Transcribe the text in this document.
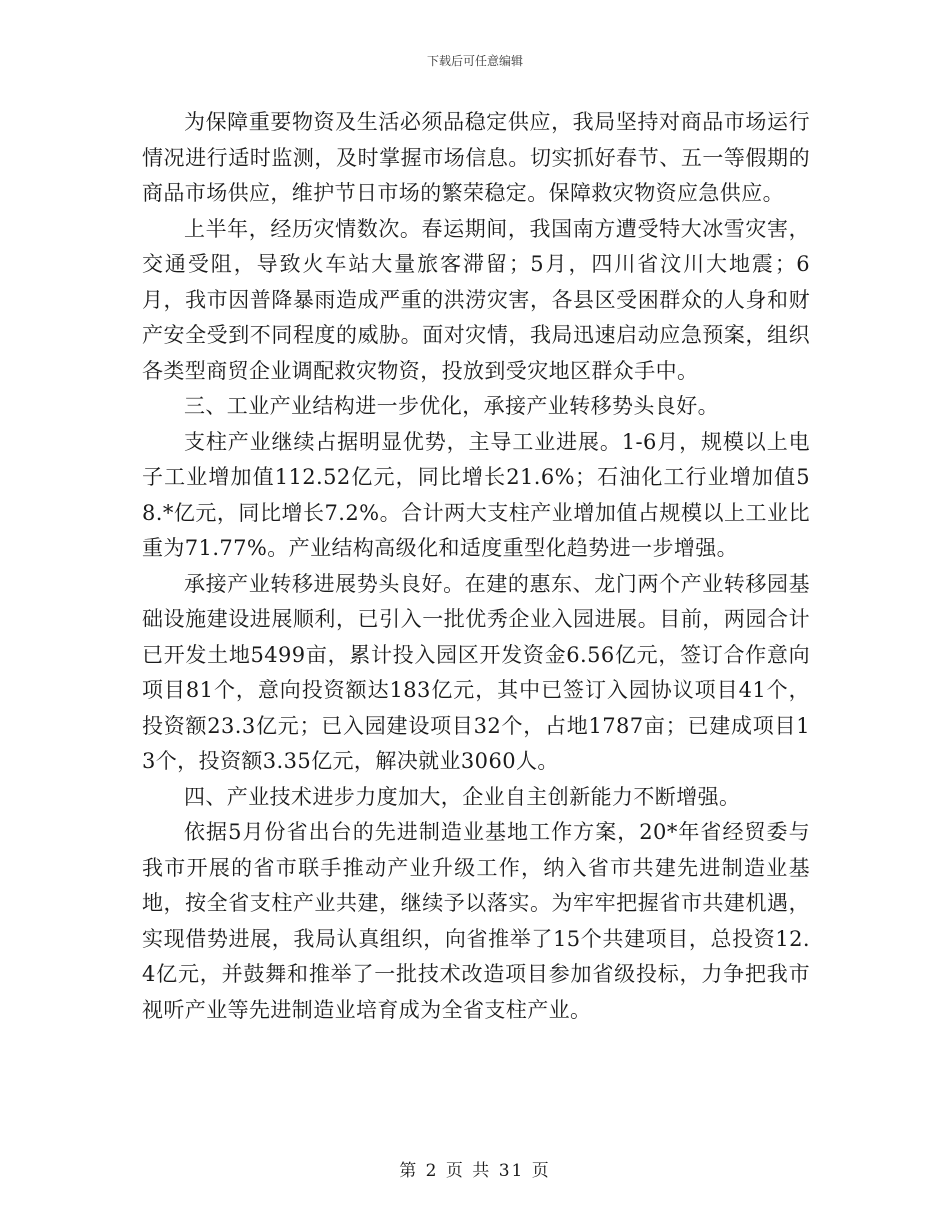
下载后可任意编辑

为保障重要物资及生活必须品稳定供应，我局坚持对商品市场运行情况进行适时监测，及时掌握市场信息。切实抓好春节、五一等假期的商品市场供应，维护节日市场的繁荣稳定。保障救灾物资应急供应。

上半年，经历灾情数次。春运期间，我国南方遭受特大冰雪灾害，交通受阻，导致火车站大量旅客滞留；5月，四川省汶川大地震；6月，我市因普降暴雨造成严重的洪涝灾害，各县区受困群众的人身和财产安全受到不同程度的威胁。面对灾情，我局迅速启动应急预案，组织各类型商贸企业调配救灾物资，投放到受灾地区群众手中。

三、工业产业结构进一步优化，承接产业转移势头良好。

支柱产业继续占据明显优势，主导工业进展。1-6月，规模以上电子工业增加值112.52亿元，同比增长21.6%；石油化工行业增加值58.*亿元，同比增长7.2%。合计两大支柱产业增加值占规模以上工业比重为71.77%。产业结构高级化和适度重型化趋势进一步增强。

承接产业转移进展势头良好。在建的惠东、龙门两个产业转移园基础设施建设进展顺利，已引入一批优秀企业入园进展。目前，两园合计已开发土地5499亩，累计投入园区开发资金6.56亿元，签订合作意向项目81个，意向投资额达183亿元，其中已签订入园协议项目41个，投资额23.3亿元；已入园建设项目32个，占地1787亩；已建成项目13个，投资额3.35亿元，解决就业3060人。

四、产业技术进步力度加大，企业自主创新能力不断增强。

依据5月份省出台的先进制造业基地工作方案，20*年省经贸委与我市开展的省市联手推动产业升级工作，纳入省市共建先进制造业基地，按全省支柱产业共建，继续予以落实。为牢牢把握省市共建机遇，实现借势进展，我局认真组织，向省推举了15个共建项目，总投资12.4亿元，并鼓舞和推举了一批技术改造项目参加省级投标，力争把我市视听产业等先进制造业培育成为全省支柱产业。

第 2 页 共 31 页
